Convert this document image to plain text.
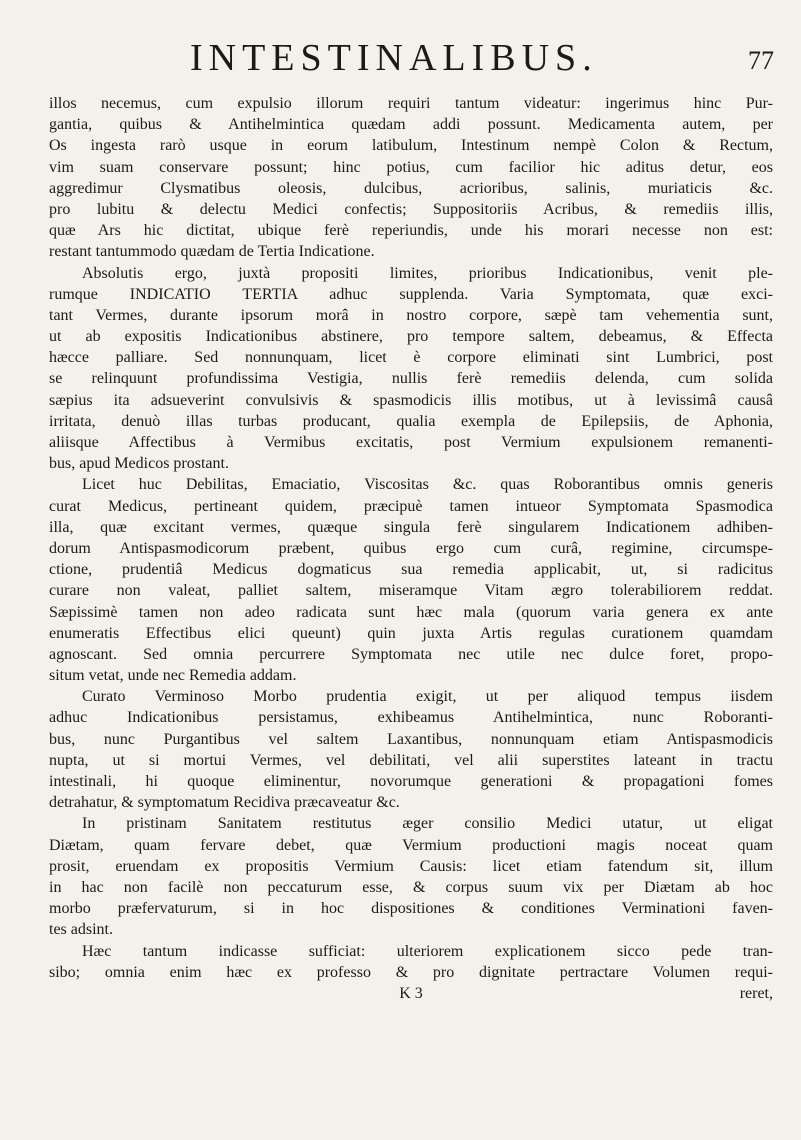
INTESTINALIBUS.	77
illos necemus, cum expulsio illorum requiri tantum videatur: ingerimus hinc Pur-
gantia, quibus & Antihelmintica quædam addi possunt. Medicamenta autem, per
Os ingesta rarò usque in eorum latibulum, Intestinum nempè Colon & Rectum,
vim suam conservare possunt; hinc potius, cum facilior hic aditus detur, eos
aggredimur Clysmatibus oleosis, dulcibus, acrioribus, salinis, muriaticis &c.
pro lubitu & delectu Medici confectis; Suppositoriis Acribus, & remediis illis,
quæ Ars hic dictitat, ubique ferè reperiundis, unde his morari necesse non est:
restant tantummodo quædam de Tertia Indicatione.
Absolutis ergo, juxtà propositi limites, prioribus Indicationibus, venit ple-
rumque INDICATIO TERTIA adhuc supplenda. Varia Symptomata, quæ exci-
tant Vermes, durante ipsorum morâ in nostro corpore, sæpè tam vehementia sunt,
ut ab expositis Indicationibus abstinere, pro tempore saltem, debeamus, & Effecta
hæcce palliare. Sed nonnunquam, licet è corpore eliminati sint Lumbrici, post
se relinquunt profundissima Vestigia, nullis ferè remediis delenda, cum solida
sæpius ita adsueverint convulsivis & spasmodicis illis motibus, ut à levissimâ causâ
irritata, denuò illas turbas producant, qualia exempla de Epilepsiis, de Aphonia,
aliisque Affectibus à Vermibus excitatis, post Vermium expulsionem remanenti-
bus, apud Medicos prostant.
Licet huc Debilitas, Emaciatio, Viscositas &c. quas Roborantibus omnis generis
curat Medicus, pertineant quidem, præcipuè tamen intueor Symptomata Spasmodica
illa, quæ excitant vermes, quæque singula ferè singularem Indicationem adhiben-
dorum Antispasmodicorum præbent, quibus ergo cum curâ, regimine, circumspe-
ctione, prudentiâ Medicus dogmaticus sua remedia applicabit, ut, si radicitus
curare non valeat, palliet saltem, miseramque Vitam ægro tolerabiliorem reddat.
Sæpissimè tamen non adeo radicata sunt hæc mala (quorum varia genera ex ante
enumeratis Effectibus elici queunt) quin juxta Artis regulas curationem quamdam
agnoscant. Sed omnia percurrere Symptomata nec utile nec dulce foret, propo-
situm vetat, unde nec Remedia addam.
Curato Verminoso Morbo prudentia exigit, ut per aliquod tempus iisdem
adhuc Indicationibus persistamus, exhibeamus Antihelmintica, nunc Roboranti-
bus, nunc Purgantibus vel saltem Laxantibus, nonnunquam etiam Antispasmodicis
nupta, ut si mortui Vermes, vel debilitati, vel alii superstites lateant in tractu
intestinali, hi quoque eliminentur, novorumque generationi & propagationi fomes
detrahatur, & symptomatum Recidiva præcaveatur &c.
In pristinam Sanitatem restitutus æger consilio Medici utatur, ut eligat
Diætam, quam fervare debet, quæ Vermium productioni magis noceat quam
prosit, eruendam ex propositis Vermium Causis: licet etiam fatendum sit, illum
in hac non facilè non peccaturum esse, & corpus suum vix per Diætam ab hoc
morbo præfervaturum, si in hoc dispositiones & conditiones Verminationi faven-
tes adsint.
Hæc tantum indicasse sufficiat: ulteriorem explicationem sicco pede tran-
sibo; omnia enim hæc ex professo & pro dignitate pertractare Volumen requi-
K 3	reret,
